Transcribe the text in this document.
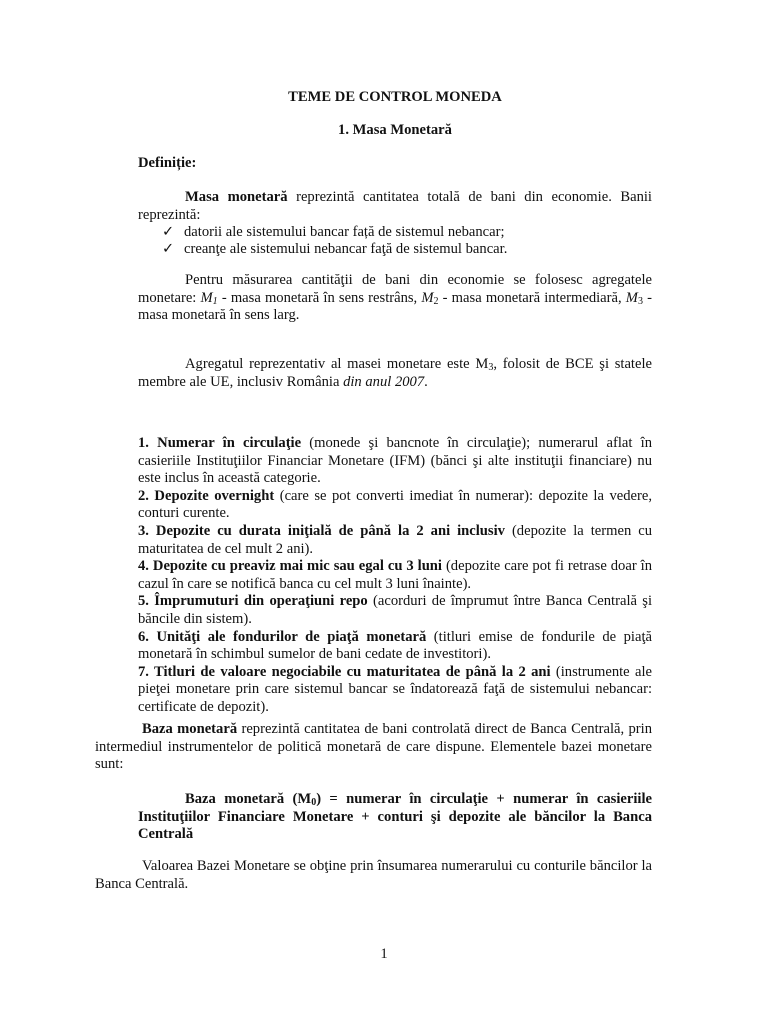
TEME DE CONTROL MONEDA
1. Masa Monetară
Definiție:
Masa monetară reprezintă cantitatea totală de bani din economie. Banii reprezintă:
✓ datorii ale sistemului bancar față de sistemul nebancar;
✓ creanţe ale sistemului nebancar faţă de sistemul bancar.
Pentru măsurarea cantităţii de bani din economie se folosesc agregatele monetare: $M_1$ - masa monetară în sens restrâns, $M_2$ - masa monetară intermediară, $M_3$ - masa monetară în sens larg.
Agregatul reprezentativ al masei monetare este $M_3$, folosit de BCE şi statele membre ale UE, inclusiv România din anul 2007.
1. Numerar în circulaţie (monede şi bancnote în circulaţie); numerarul aflat în casieriile Instituţiilor Financiar Monetare (IFM) (bănci şi alte instituţii financiare) nu este inclus în această categorie.
2. Depozite overnight (care se pot converti imediat în numerar): depozite la vedere, conturi curente.
3. Depozite cu durata iniţială de până la 2 ani inclusiv (depozite la termen cu maturitatea de cel mult 2 ani).
4. Depozite cu preaviz mai mic sau egal cu 3 luni (depozite care pot fi retrase doar în cazul în care se notifică banca cu cel mult 3 luni înainte).
5. Împrumuturi din operaţiuni repo (acorduri de împrumut între Banca Centrală şi băncile din sistem).
6. Unităţi ale fondurilor de piaţă monetară (titluri emise de fondurile de piaţă monetară în schimbul sumelor de bani cedate de investitori).
7. Titluri de valoare negociabile cu maturitatea de până la 2 ani (instrumente ale pieţei monetare prin care sistemul bancar se îndatorează faţă de sistemului nebancar: certificate de depozit).
Baza monetară reprezintă cantitatea de bani controlată direct de Banca Centrală, prin intermediul instrumentelor de politică monetară de care dispune. Elementele bazei monetare sunt:
Baza monetară $(M_0)$ = numerar în circulaţie + numerar în casieriile Instituţiilor Financiare Monetare + conturi şi depozite ale băncilor la Banca Centrală
Valoarea Bazei Monetare se obţine prin însumarea numerarului cu conturile băncilor la Banca Centrală.
1
